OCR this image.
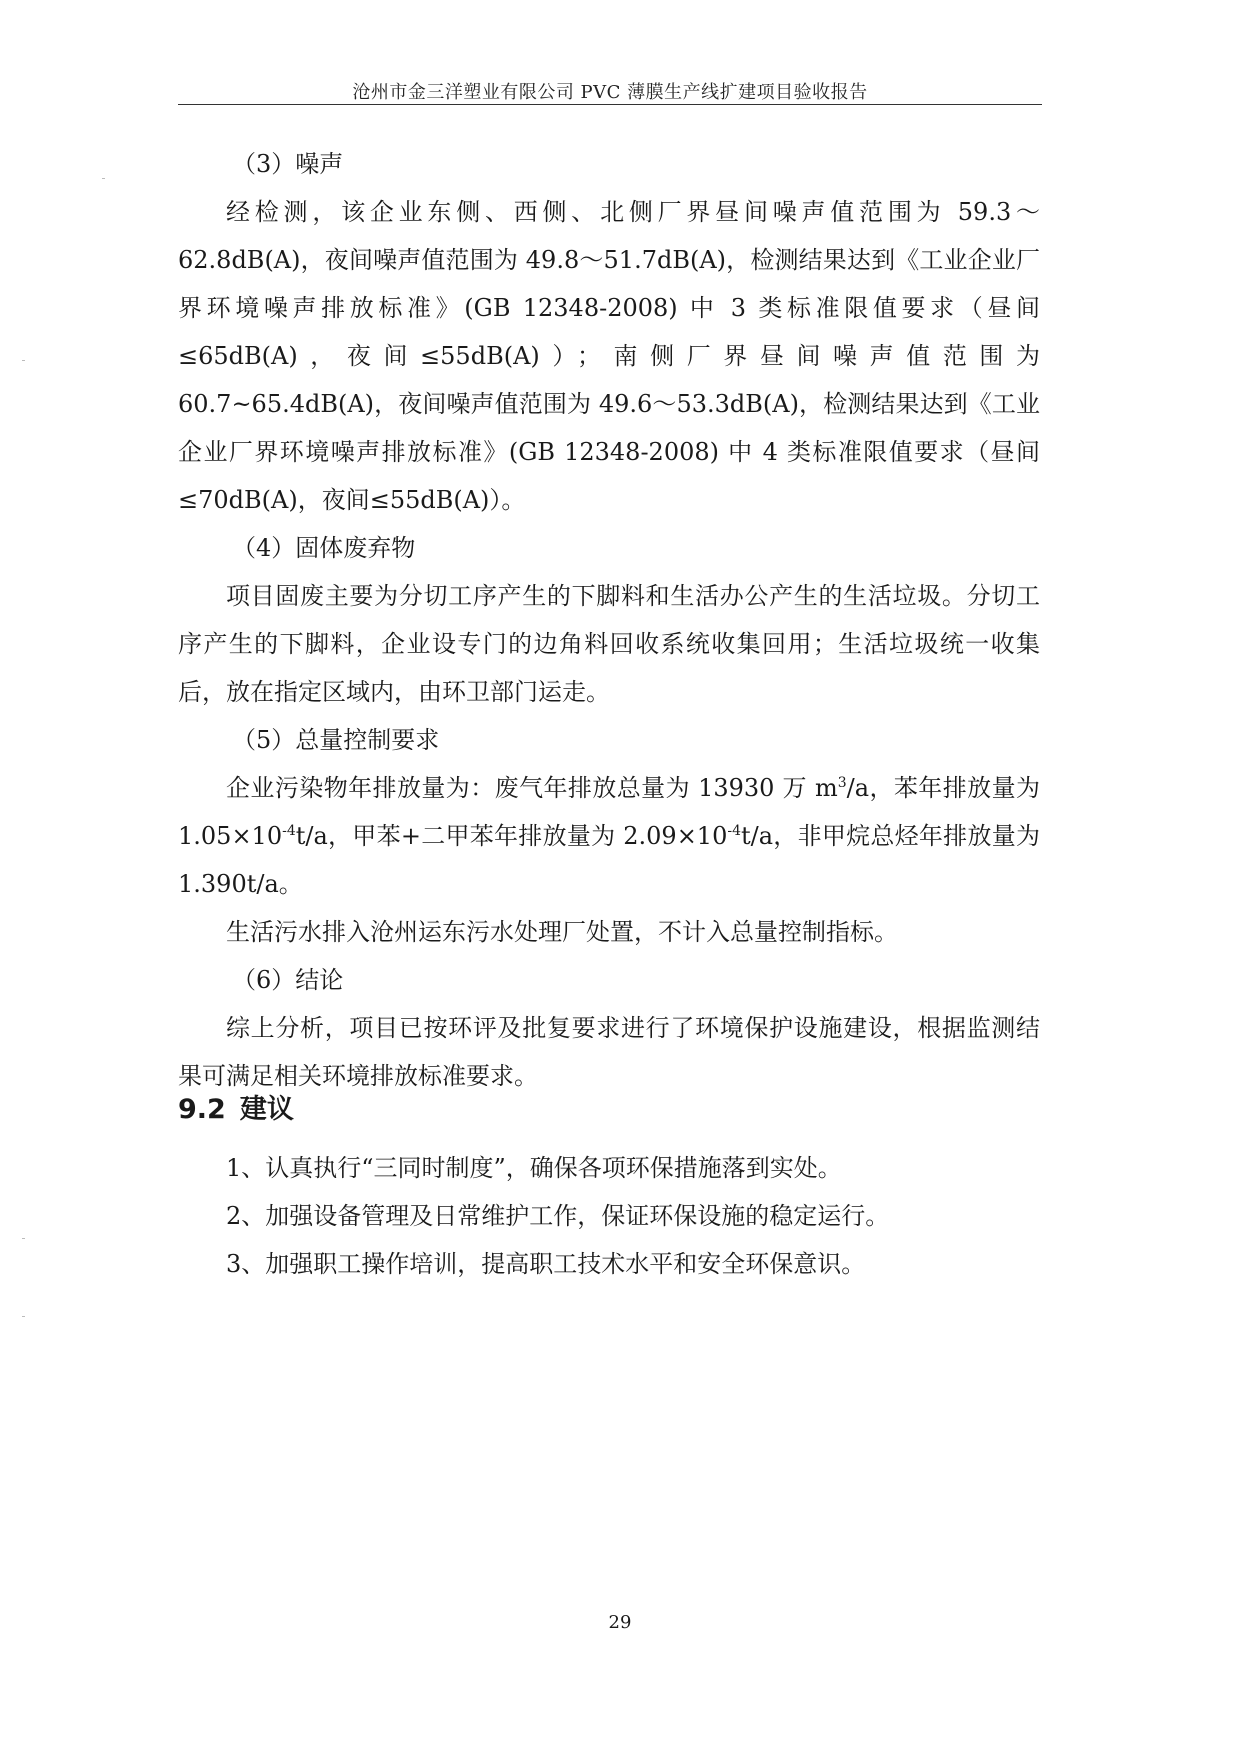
沧州市金三洋塑业有限公司 PVC 薄膜生产线扩建项目验收报告

（3）噪声

经检测，该企业东侧、西侧、北侧厂界昼间噪声值范围为 59.3～62.8dB(A)，夜间噪声值范围为 49.8～51.7dB(A)，检测结果达到《工业企业厂界环境噪声排放标准》(GB 12348-2008) 中 3 类标准限值要求（昼间≤65dB(A)，夜间≤55dB(A)）；南侧厂界昼间噪声值范围为 60.7~65.4dB(A)，夜间噪声值范围为 49.6～53.3dB(A)，检测结果达到《工业企业厂界环境噪声排放标准》(GB 12348-2008) 中 4 类标准限值要求（昼间≤70dB(A)，夜间≤55dB(A)）。

（4）固体废弃物

项目固废主要为分切工序产生的下脚料和生活办公产生的生活垃圾。分切工序产生的下脚料，企业设专门的边角料回收系统收集回用；生活垃圾统一收集后，放在指定区域内，由环卫部门运走。

（5）总量控制要求

企业污染物年排放量为：废气年排放总量为 13930 万 $m^3/a$，苯年排放量为 $1.05\times 10^{-4}t/a$，甲苯+二甲苯年排放量为 $2.09\times 10^{-4}t/a$，非甲烷总烃年排放量为 1.390t/a。

生活污水排入沧州运东污水处理厂处置，不计入总量控制指标。

（6）结论

综上分析，项目已按环评及批复要求进行了环境保护设施建设，根据监测结果可满足相关环境排放标准要求。

9.2 建议

1、认真执行“三同时制度”，确保各项环保措施落到实处。

2、加强设备管理及日常维护工作，保证环保设施的稳定运行。

3、加强职工操作培训，提高职工技术水平和安全环保意识。

29
